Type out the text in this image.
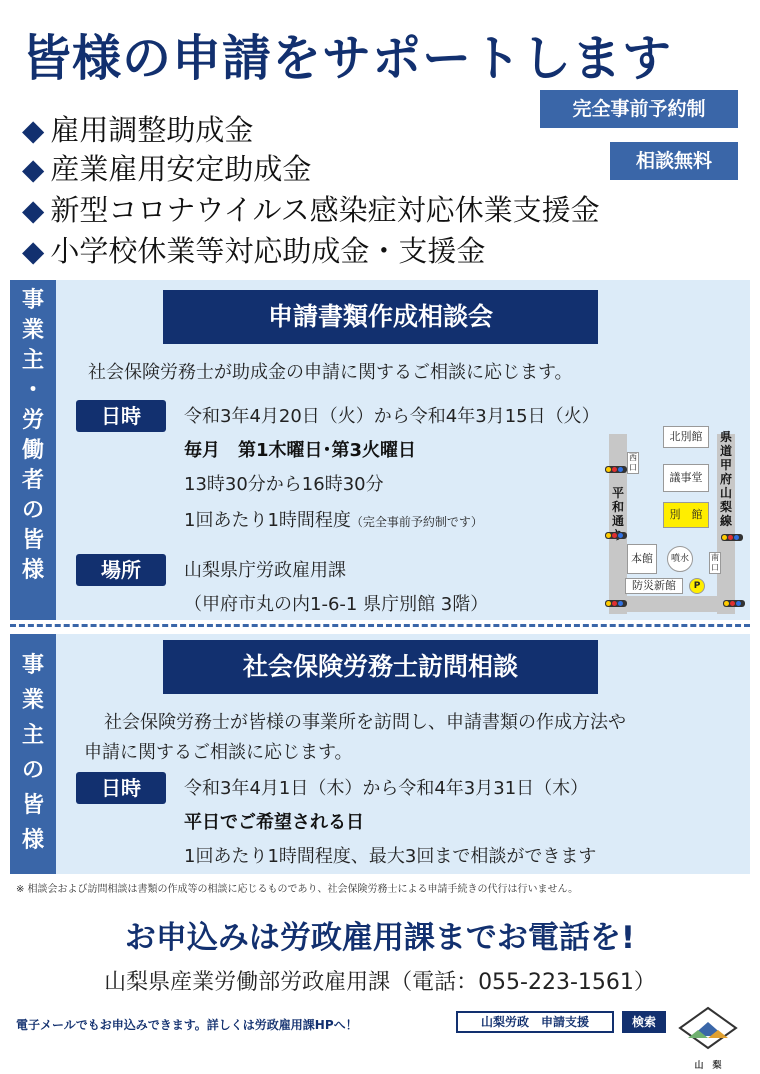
皆様の申請をサポートします
◆ 雇用調整助成金
◆ 産業雇用安定助成金
◆ 新型コロナウイルス感染症対応休業支援金
◆ 小学校休業等対応助成金・支援金
完全事前予約制
相談無料
事
業
主
・
労
働
者
の
皆
様
申請書類作成相談会
社会保険労務士が助成金の申請に関するご相談に応じます。
日時	令和3年4月20日（火）から令和4年3月15日（火）
毎月　第1木曜日･第3火曜日
13時30分から16時30分
1回あたり1時間程度（完全事前予約制です）
場所	山梨県庁労政雇用課
（甲府市丸の内1-6-1 県庁別館 3階）
北別館
議事堂
別　館
本館	噴水
防災新館	P
西
口
南
口
平
和
通
県
道
甲
府
山
梨
線
事
業
主
の
皆
様
社会保険労務士訪問相談
社会保険労務士が皆様の事業所を訪問し、申請書類の作成方法や
申請に関するご相談に応じます。
日時	令和3年4月1日（木）から令和4年3月31日（木）
平日でご希望される日
1回あたり1時間程度、最大3回まで相談ができます
※ 相談会および訪問相談は書類の作成等の相談に応じるものであり、社会保険労務士による申請手続きの代行は行いません。
お申込みは労政雇用課までお電話を!
山梨県産業労働部労政雇用課（電話：055-223-1561）
電子メールでもお申込みできます。詳しくは労政雇用課HPへ！	山梨労政　申請支援	検索
山　梨
